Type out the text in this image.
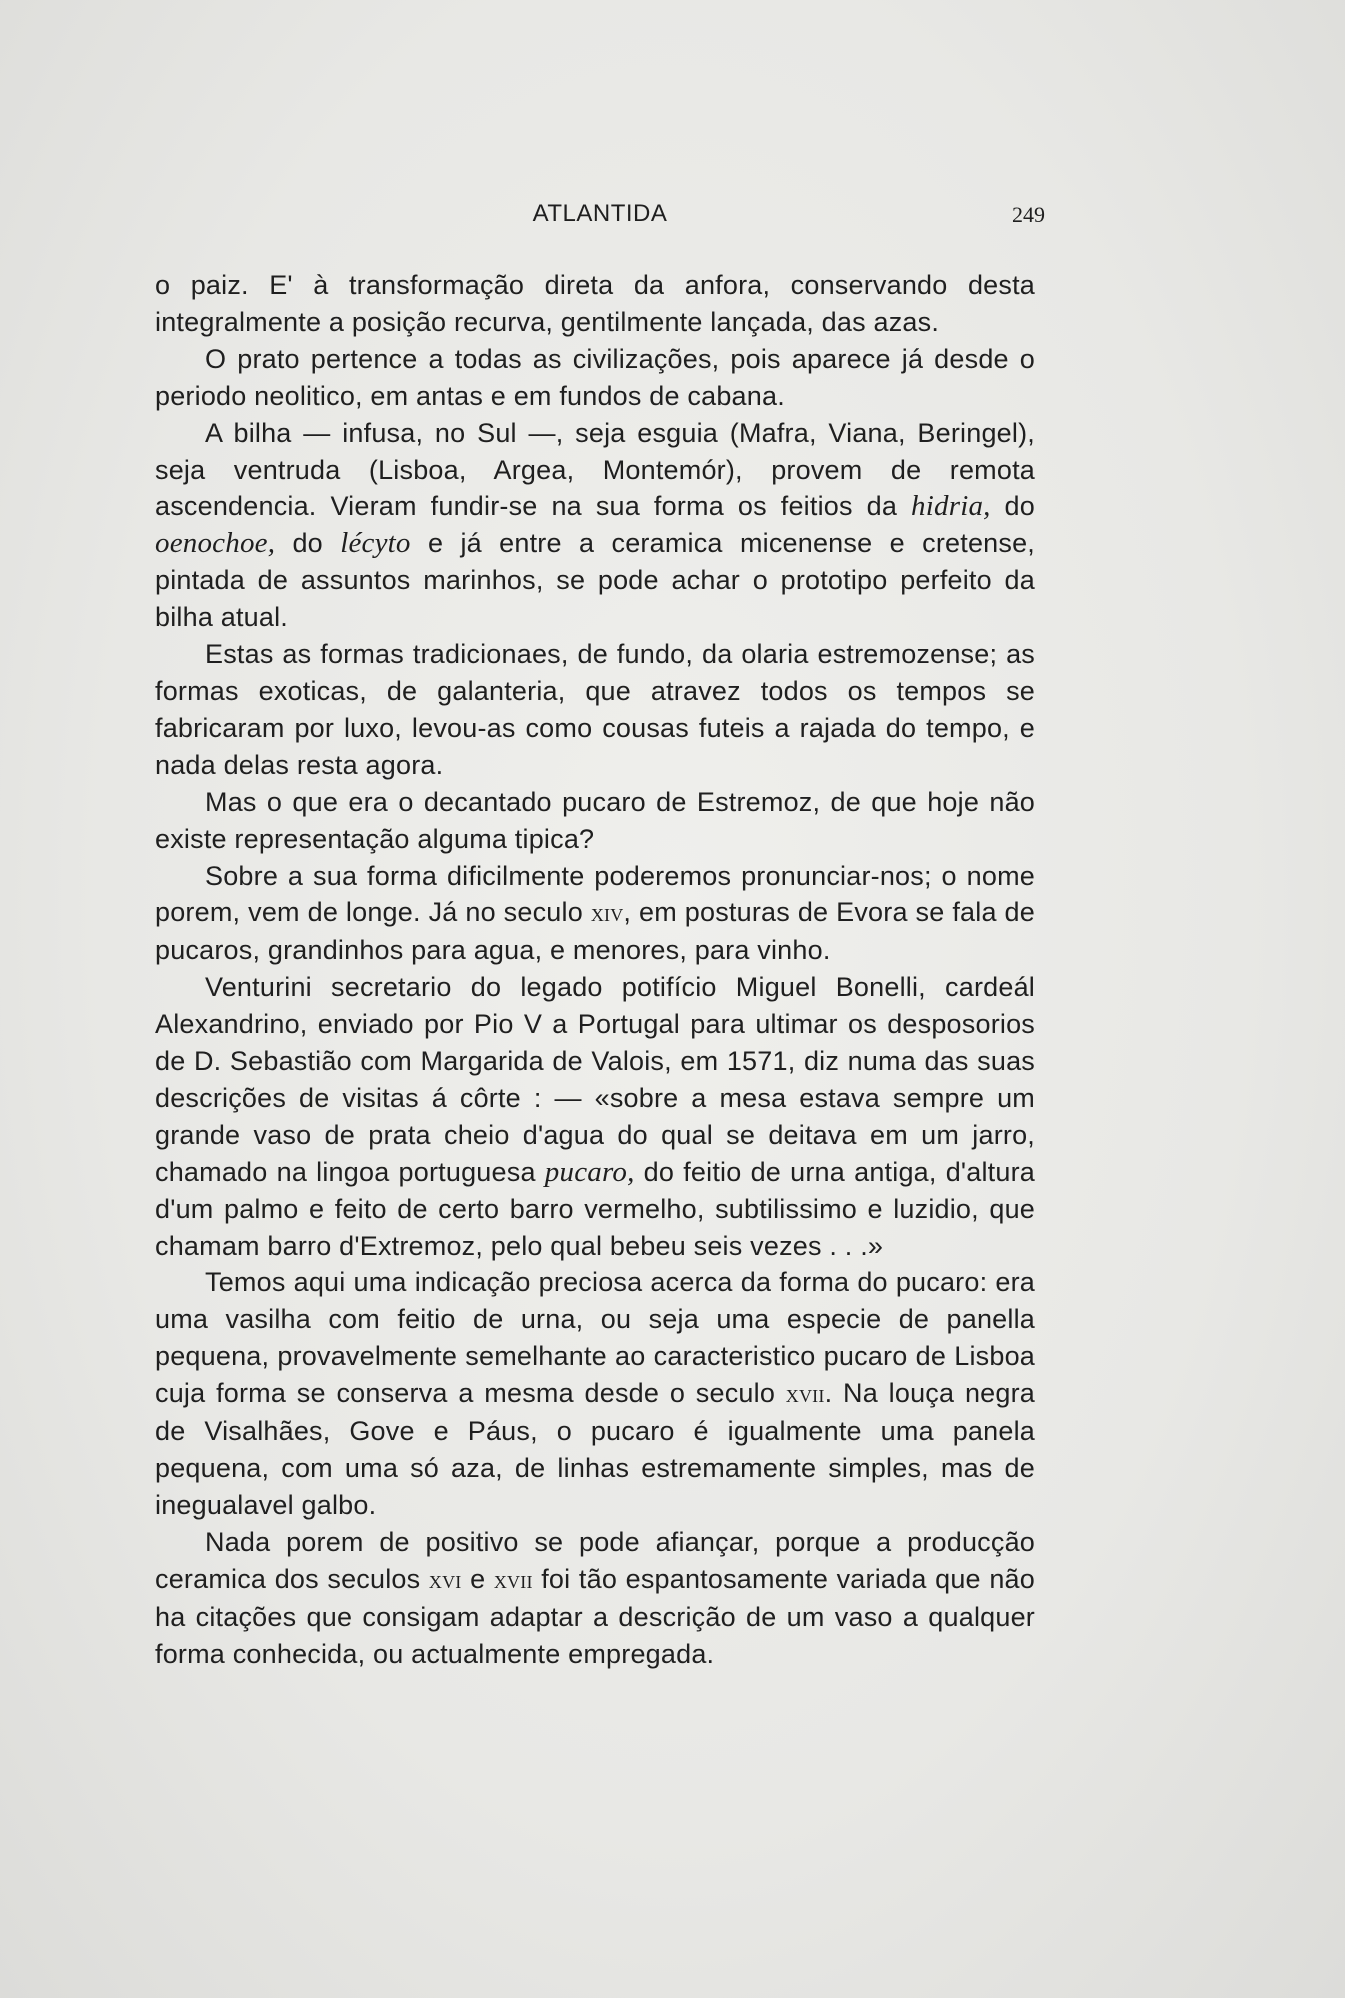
ATLANTIDA	249

o paiz. E' à transformação direta da anfora, conservando desta integralmente a posição recurva, gentilmente lançada, das azas.

O prato pertence a todas as civilizações, pois aparece já desde o periodo neolitico, em antas e em fundos de cabana.

A bilha — infusa, no Sul —, seja esguia (Mafra, Viana, Beringel), seja ventruda (Lisboa, Argea, Montemór), provem de remota ascendencia. Vieram fundir-se na sua forma os feitios da hidria, do oenochoe, do lécyto e já entre a ceramica micenense e cretense, pintada de assuntos marinhos, se pode achar o prototipo perfeito da bilha atual.

Estas as formas tradicionaes, de fundo, da olaria estremozense; as formas exoticas, de galanteria, que atravez todos os tempos se fabricaram por luxo, levou-as como cousas futeis a rajada do tempo, e nada delas resta agora.

Mas o que era o decantado pucaro de Estremoz, de que hoje não existe representação alguma tipica?

Sobre a sua forma dificilmente poderemos pronunciar-nos; o nome porem, vem de longe. Já no seculo xiv, em posturas de Evora se fala de pucaros, grandinhos para agua, e menores, para vinho.

Venturini secretario do legado potifício Miguel Bonelli, cardeál Alexandrino, enviado por Pio V a Portugal para ultimar os desposorios de D. Sebastião com Margarida de Valois, em 1571, diz numa das suas descrições de visitas á côrte : — «sobre a mesa estava sempre um grande vaso de prata cheio d'agua do qual se deitava em um jarro, chamado na lingoa portuguesa pucaro, do feitio de urna antiga, d'altura d'um palmo e feito de certo barro vermelho, subtilissimo e luzidio, que chamam barro d'Extremoz, pelo qual bebeu seis vezes . . .»

Temos aqui uma indicação preciosa acerca da forma do pucaro: era uma vasilha com feitio de urna, ou seja uma especie de panella pequena, provavelmente semelhante ao caracteristico pucaro de Lisboa cuja forma se conserva a mesma desde o seculo xvii. Na louça negra de Visalhães, Gove e Páus, o pucaro é igualmente uma panela pequena, com uma só aza, de linhas estremamente simples, mas de inegualavel galbo.

Nada porem de positivo se pode afiançar, porque a producção ceramica dos seculos xvi e xvii foi tão espantosamente variada que não ha citações que consigam adaptar a descrição de um vaso a qualquer forma conhecida, ou actualmente empregada.
